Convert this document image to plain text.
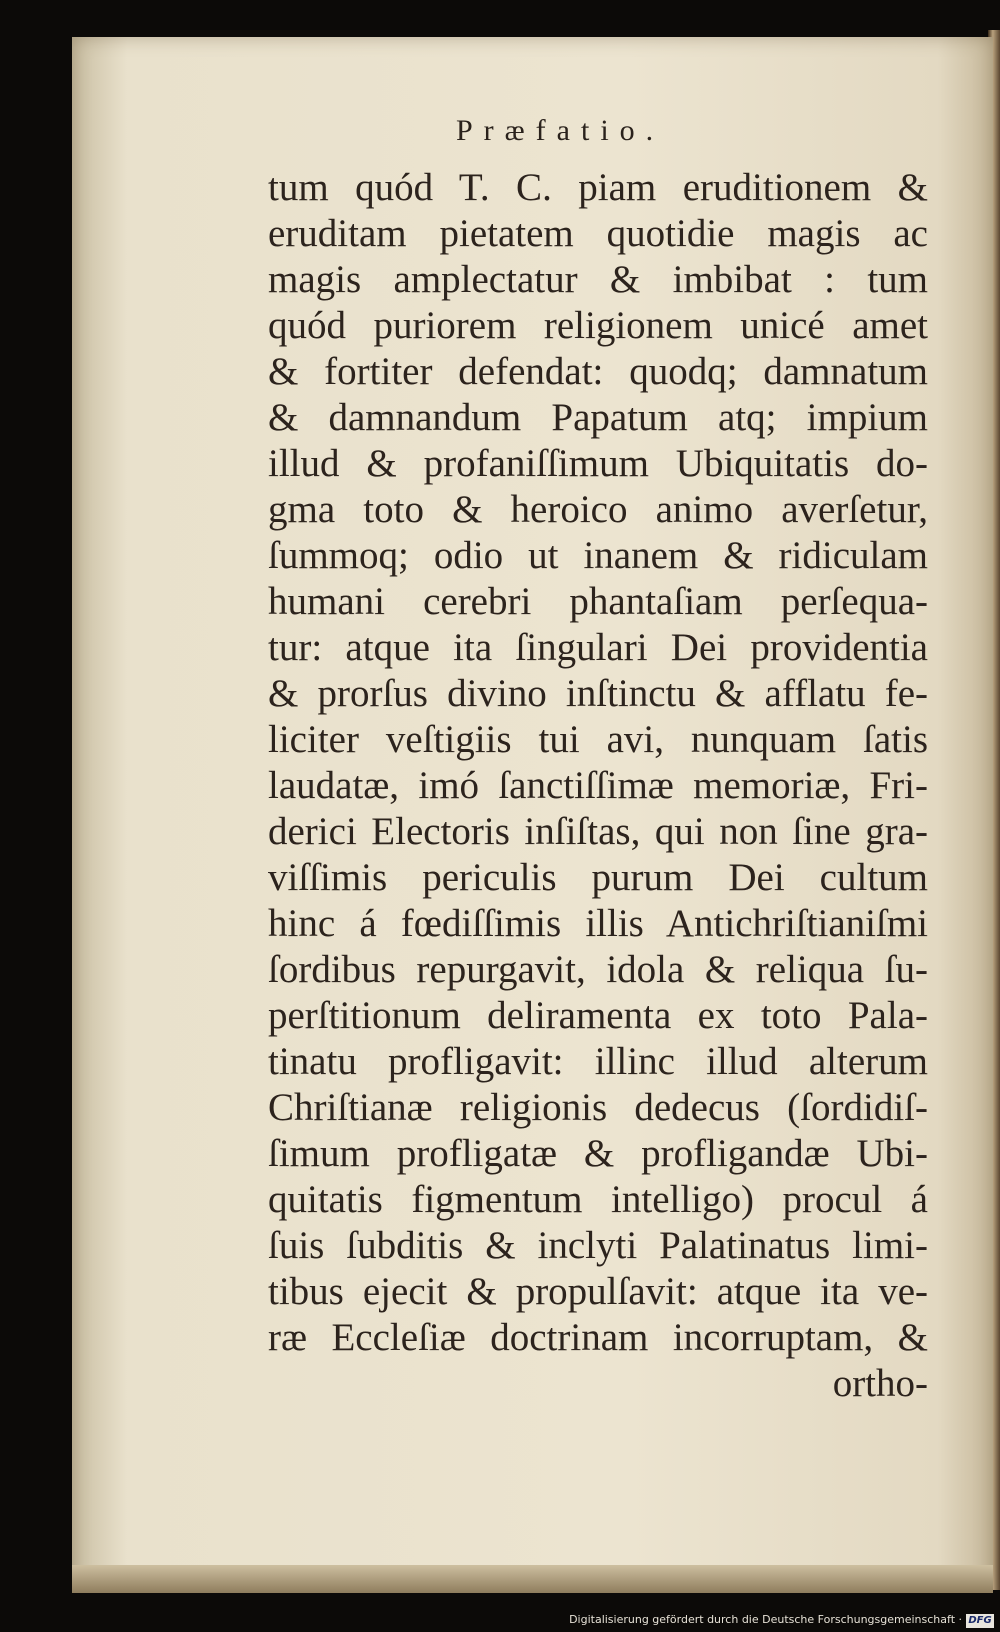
Præfatio.
tum quód T. C. piam eruditionem &
eruditam pietatem quotidie magis ac
magis amplectatur & imbibat : tum
quód puriorem religionem unicé amet
& fortiter defendat: quodq; damnatum
& damnandum Papatum atq; impium
illud & profaniſſimum Ubiquitatis do-
gma toto & heroico animo averſetur,
ſummoq; odio ut inanem & ridiculam
humani cerebri phantaſiam perſequa-
tur: atque ita ſingulari Dei providentia
& prorſus divino inſtinctu & afflatu fe-
liciter veſtigiis tui avi, nunquam ſatis
laudatæ, imó ſanctiſſimæ memoriæ, Fri-
derici Electoris inſiſtas, qui non ſine gra-
viſſimis periculis purum Dei cultum
hinc á fœdiſſimis illis Antichriſtianiſmi
ſordibus repurgavit, idola & reliqua ſu-
perſtitionum deliramenta ex toto Pala-
tinatu profligavit: illinc illud alterum
Chriſtianæ religionis dedecus (ſordidiſ-
ſimum profligatæ & profligandæ Ubi-
quitatis figmentum intelligo) procul á
ſuis ſubditis & inclyti Palatinatus limi-
tibus ejecit & propulſavit: atque ita ve-
ræ Eccleſiæ doctrinam incorruptam, &
ortho-
Digitalisierung gefördert durch die Deutsche Forschungsgemeinschaft · DFG
